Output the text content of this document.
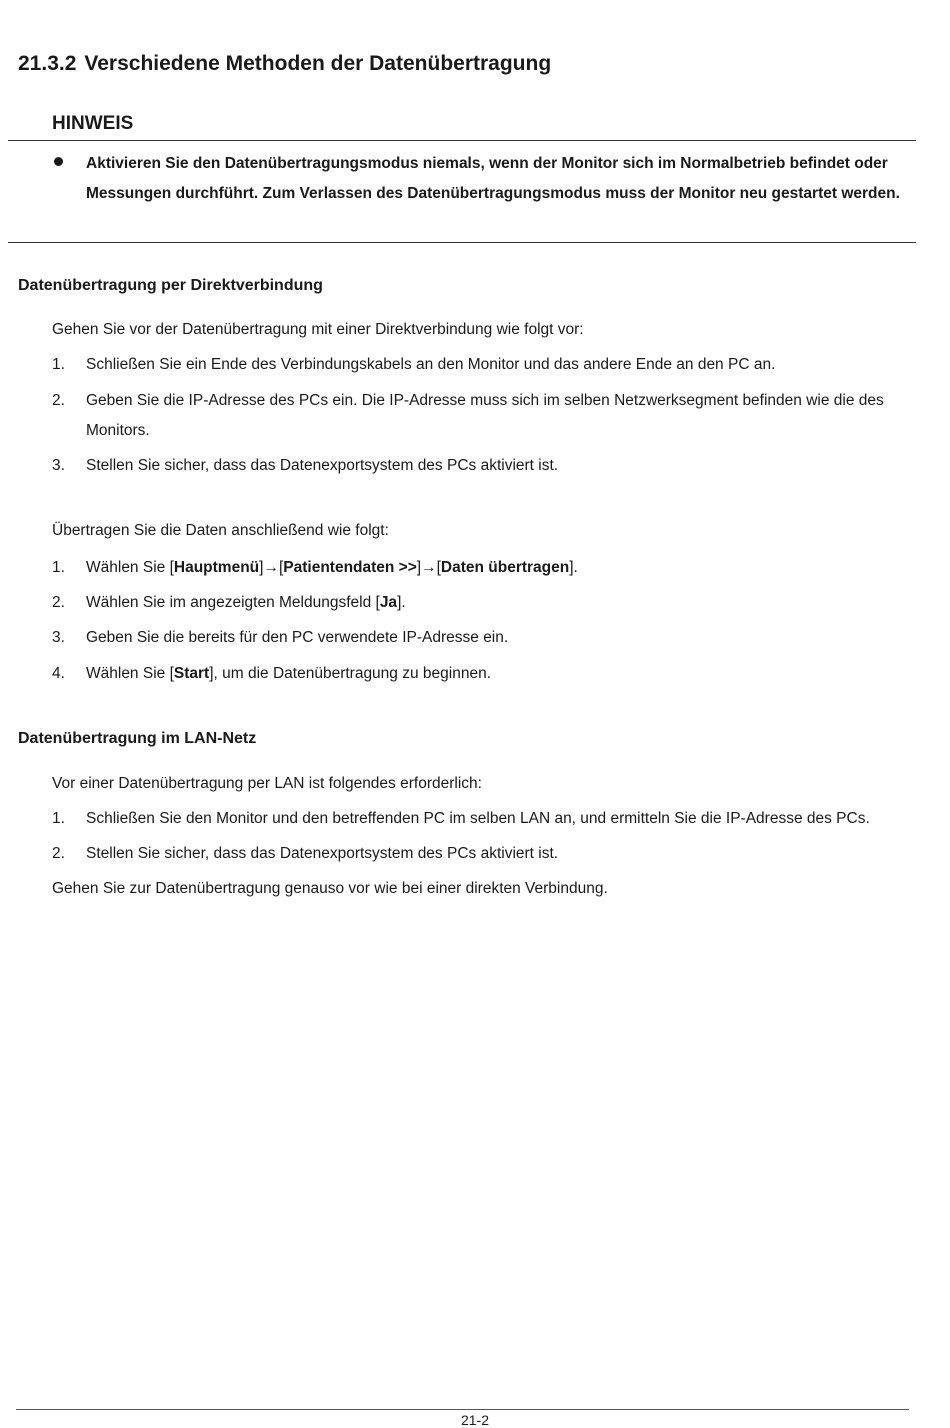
21.3.2 Verschiedene Methoden der Datenübertragung
HINWEIS
Aktivieren Sie den Datenübertragungsmodus niemals, wenn der Monitor sich im Normalbetrieb befindet oder Messungen durchführt. Zum Verlassen des Datenübertragungsmodus muss der Monitor neu gestartet werden.
Datenübertragung per Direktverbindung
Gehen Sie vor der Datenübertragung mit einer Direktverbindung wie folgt vor:
1. Schließen Sie ein Ende des Verbindungskabels an den Monitor und das andere Ende an den PC an.
2. Geben Sie die IP-Adresse des PCs ein. Die IP-Adresse muss sich im selben Netzwerksegment befinden wie die des Monitors.
3. Stellen Sie sicher, dass das Datenexportsystem des PCs aktiviert ist.
Übertragen Sie die Daten anschließend wie folgt:
1. Wählen Sie [Hauptmenü]→[Patientendaten >>]→[Daten übertragen].
2. Wählen Sie im angezeigten Meldungsfeld [Ja].
3. Geben Sie die bereits für den PC verwendete IP-Adresse ein.
4. Wählen Sie [Start], um die Datenübertragung zu beginnen.
Datenübertragung im LAN-Netz
Vor einer Datenübertragung per LAN ist folgendes erforderlich:
1. Schließen Sie den Monitor und den betreffenden PC im selben LAN an, und ermitteln Sie die IP-Adresse des PCs.
2. Stellen Sie sicher, dass das Datenexportsystem des PCs aktiviert ist.
Gehen Sie zur Datenübertragung genauso vor wie bei einer direkten Verbindung.
21-2
